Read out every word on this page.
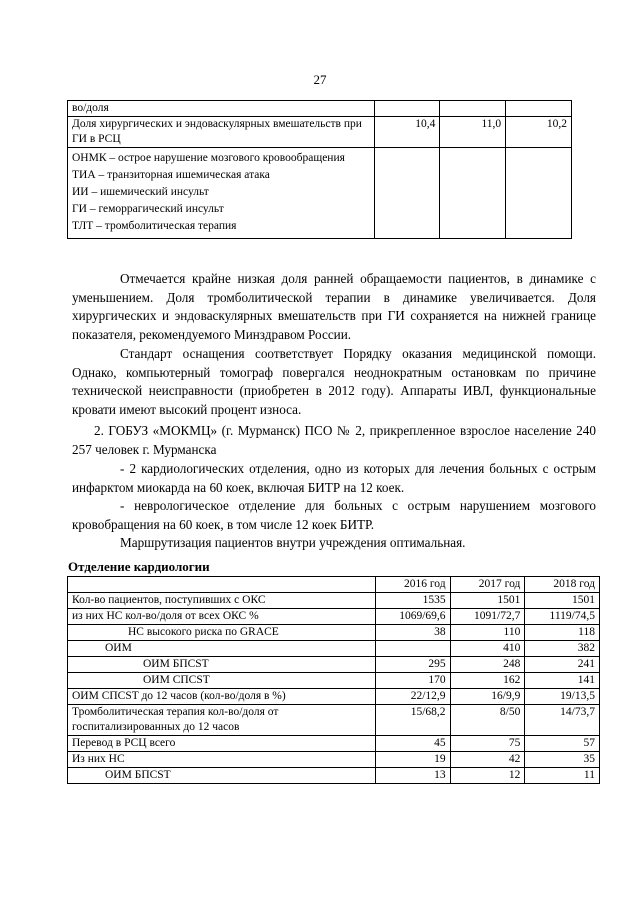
27
во/доля			
Доля хирургических и эндоваскулярных вмешательств при ГИ в РСЦ	10,4	11,0	10,2

ОНМК – острое нарушение мозгового кровообращения
ТИА – транзиторная ишемическая атака
ИИ – ишемический инсульт
ГИ – геморрагический инсульт
ТЛТ – тромболитическая терапия			

Отмечается крайне низкая доля ранней обращаемости пациентов, в динамике с уменьшением. Доля тромболитической терапии в динамике увеличивается. Доля хирургических и эндоваскулярных вмешательств при ГИ сохраняется на нижней границе показателя, рекомендуемого Минздравом России.

Стандарт оснащения соответствует Порядку оказания медицинской помощи. Однако, компьютерный томограф повергался неоднократным остановкам по причине технической неисправности (приобретен в 2012 году). Аппараты ИВЛ, функциональные кровати имеют высокий процент износа.

2. ГОБУЗ «МОКМЦ» (г. Мурманск) ПСО № 2, прикрепленное взрослое население 240 257 человек г. Мурманска

- 2 кардиологических отделения, одно из которых для лечения больных с острым инфарктом миокарда на 60 коек, включая БИТР на 12 коек.

- неврологическое отделение для больных с острым нарушением мозгового кровобращения на 60 коек, в том числе 12 коек БИТР.

Маршрутизация пациентов внутри учреждения оптимальная.

Отделение кардиологии
	2016 год	2017 год	2018 год
Кол-во пациентов, поступивших с ОКС	1535	1501	1501
из них НС кол-во/доля от всех ОКС %	1069/69,6	1091/72,7	1119/74,5
НС высокого риска по GRACE	38	110	118
ОИМ		410	382
ОИМ БПСST	295	248	241
ОИМ СПСST	170	162	141
ОИМ СПСST до 12 часов (кол-во/доля в %)	22/12,9	16/9,9	19/13,5
Тромболитическая терапия кол-во/доля от госпитализированных до 12 часов	15/68,2	8/50	14/73,7
Перевод в РСЦ всего	45	75	57
Из них НС	19	42	35
ОИМ БПСST	13	12	11
